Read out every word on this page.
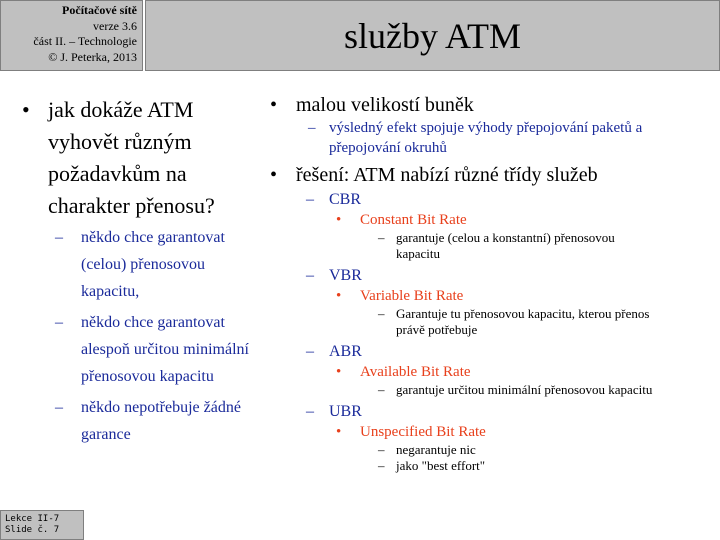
Počítačové sítě
verze 3.6
část II. – Technologie
© J. Peterka, 2013
služby ATM
• jak dokáže ATM vyhovět různým požadavkům na charakter přenosu?
– někdo chce garantovat (celou) přenosovou kapacitu,
– někdo chce garantovat alespoň určitou minimální přenosovou kapacitu
– někdo nepotřebuje žádné garance
• malou velikostí buněk
– výsledný efekt spojuje výhody přepojování paketů a přepojování okruhů
• řešení: ATM nabízí různé třídy služeb
– CBR
• Constant Bit Rate
– garantuje (celou a konstantní) přenosovou kapacitu
– VBR
• Variable Bit Rate
– Garantuje tu přenosovou kapacitu, kterou přenos právě potřebuje
– ABR
• Available Bit Rate
– garantuje určitou minimální přenosovou kapacitu
– UBR
• Unspecified Bit Rate
– negarantuje nic
– jako "best effort"
Lekce II-7
Slide č. 7
